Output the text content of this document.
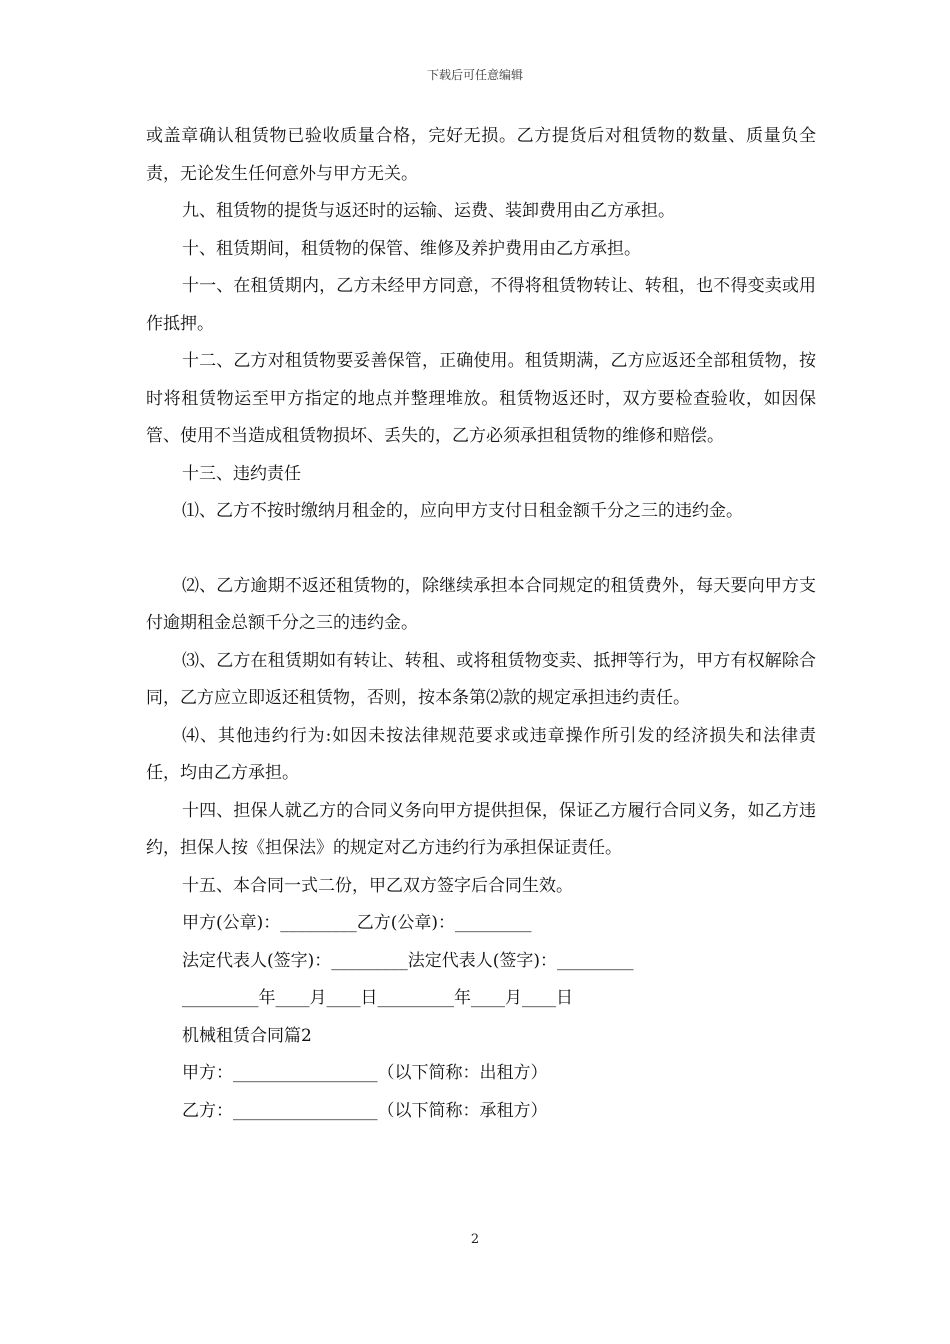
下载后可任意编辑

或盖章确认租赁物已验收质量合格，完好无损。乙方提货后对租赁物的数量、质量负全责，无论发生任何意外与甲方无关。

九、租赁物的提货与返还时的运输、运费、装卸费用由乙方承担。

十、租赁期间，租赁物的保管、维修及养护费用由乙方承担。

十一、在租赁期内，乙方未经甲方同意，不得将租赁物转让、转租，也不得变卖或用作抵押。

十二、乙方对租赁物要妥善保管，正确使用。租赁期满，乙方应返还全部租赁物，按时将租赁物运至甲方指定的地点并整理堆放。租赁物返还时，双方要检查验收，如因保管、使用不当造成租赁物损坏、丢失的，乙方必须承担租赁物的维修和赔偿。

十三、违约责任

⑴、乙方不按时缴纳月租金的，应向甲方支付日租金额千分之三的违约金。

⑵、乙方逾期不返还租赁物的，除继续承担本合同规定的租赁费外，每天要向甲方支付逾期租金总额千分之三的违约金。

⑶、乙方在租赁期如有转让、转租、或将租赁物变卖、抵押等行为，甲方有权解除合同，乙方应立即返还租赁物，否则，按本条第⑵款的规定承担违约责任。

⑷、其他违约行为:如因未按法律规范要求或违章操作所引发的经济损失和法律责任，均由乙方承担。

十四、担保人就乙方的合同义务向甲方提供担保，保证乙方履行合同义务，如乙方违约，担保人按《担保法》的规定对乙方违约行为承担保证责任。

十五、本合同一式二份，甲乙双方签字后合同生效。

甲方(公章)：_________乙方(公章)：_________

法定代表人(签字)：_________法定代表人(签字)：_________

_________年____月____日_________年____月____日

机械租赁合同篇2

甲方：_________________（以下简称：出租方）

乙方：_________________（以下简称：承租方）

2
